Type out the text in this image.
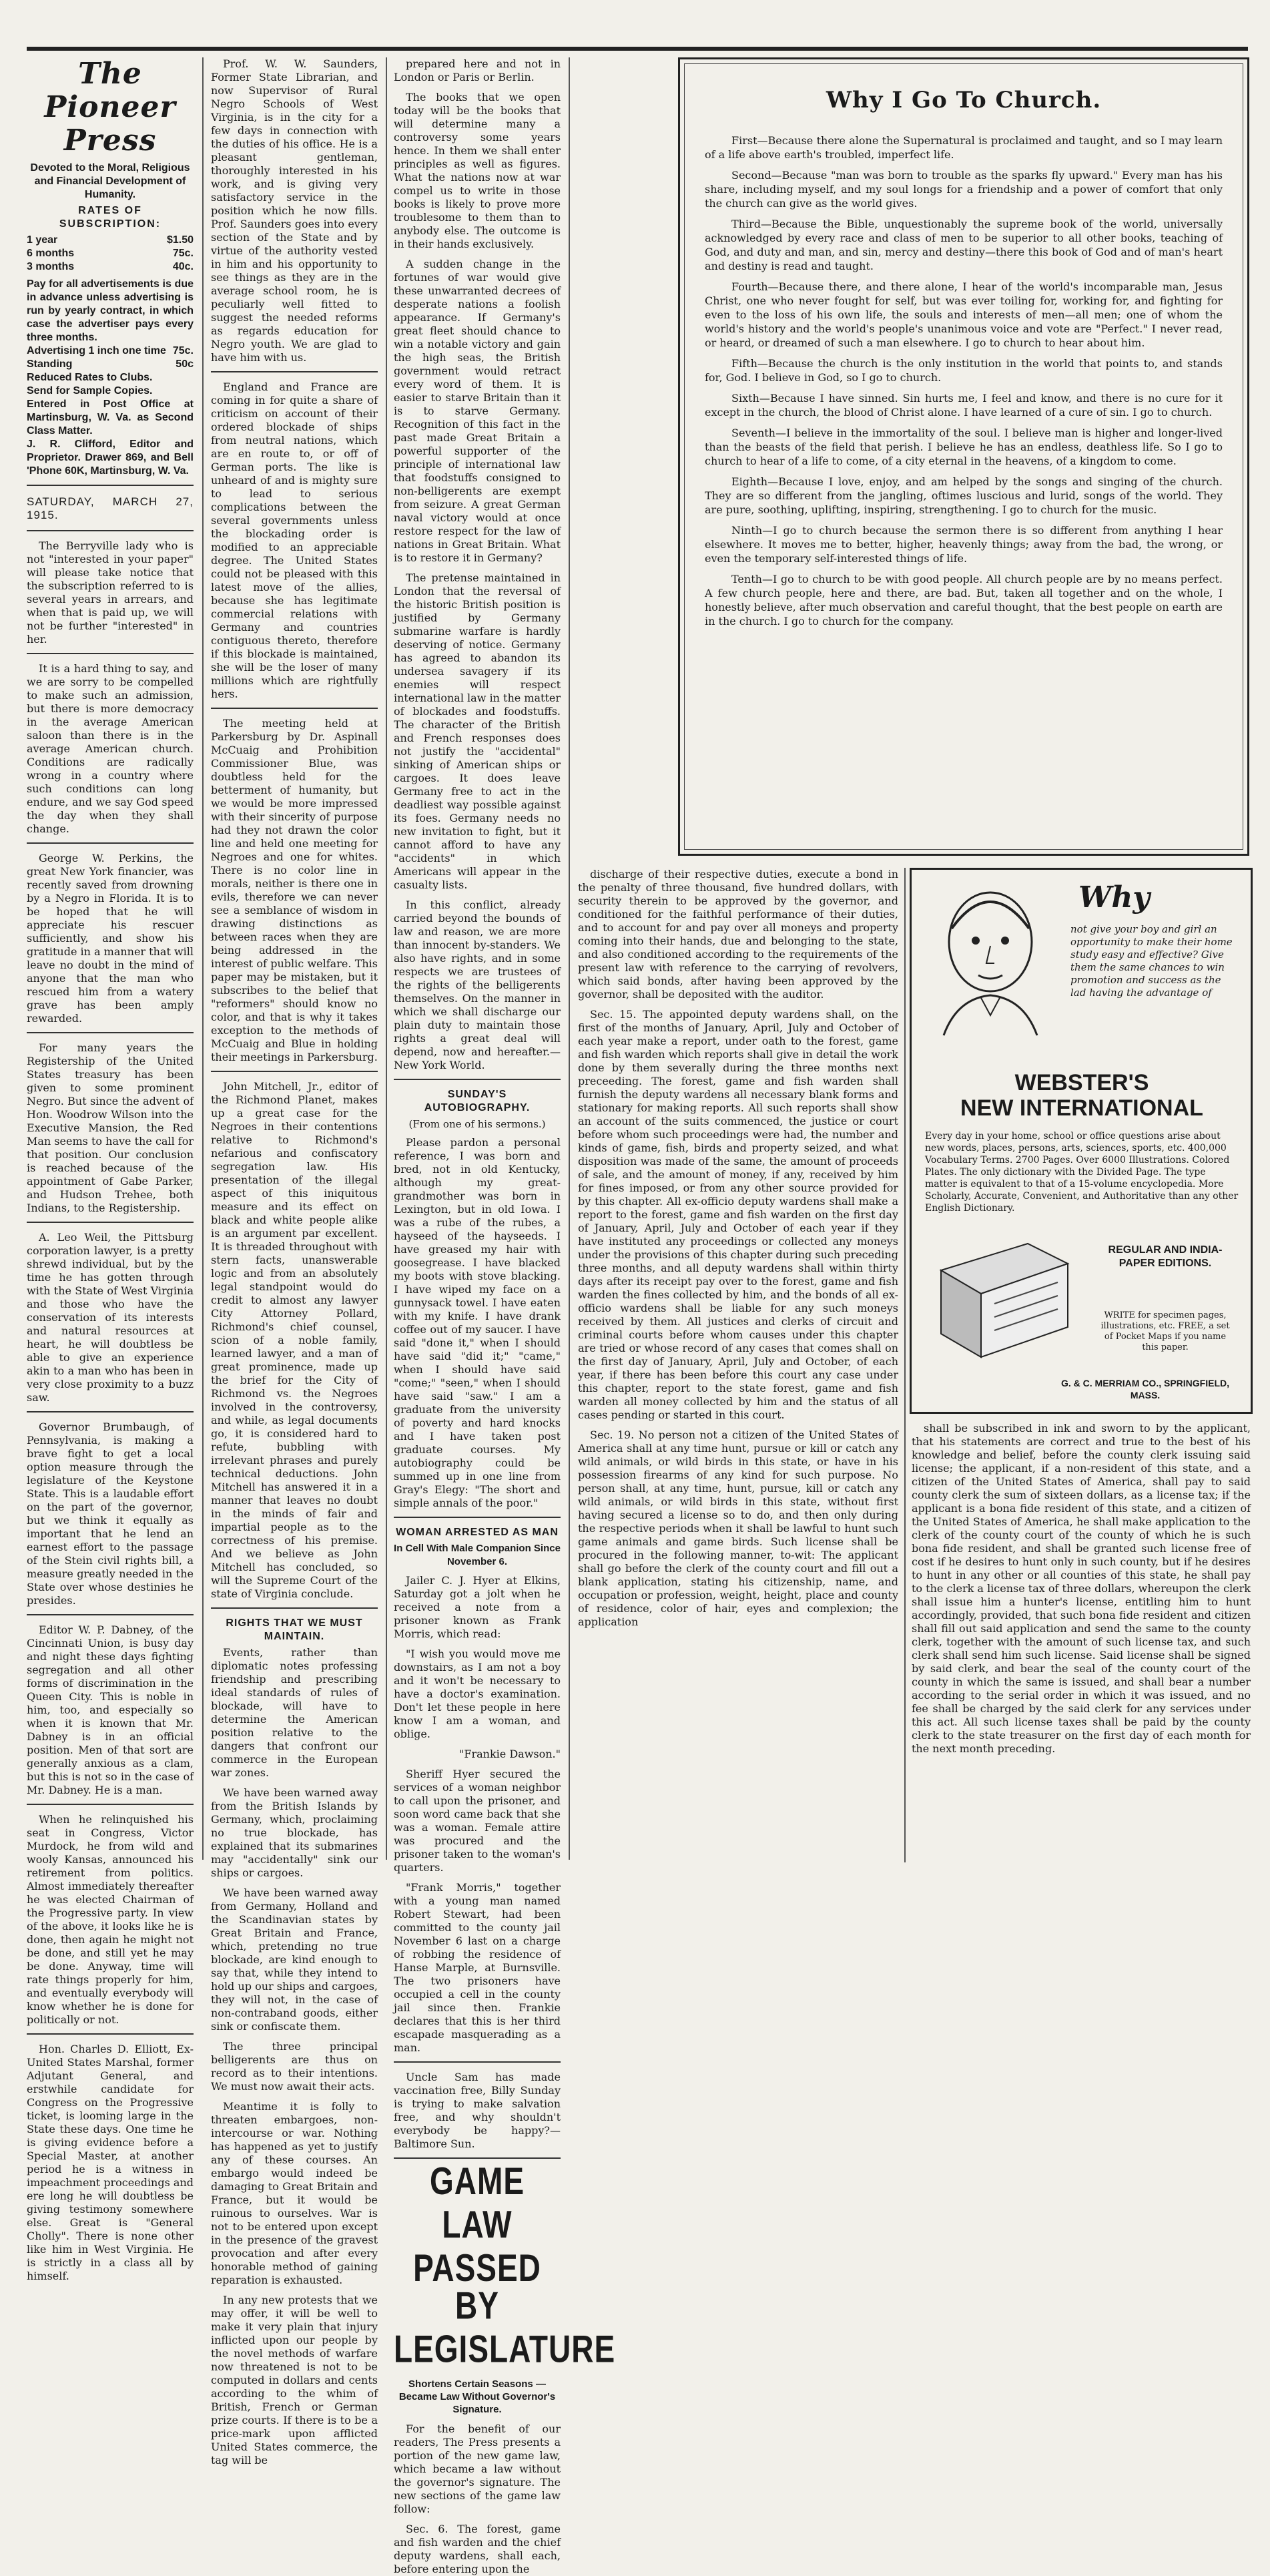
The Pioneer Press
Devoted to the Moral, Religious and Financial Development of Humanity.
RATES OF SUBSCRIPTION:
1 year	$1.50
6 months	75c.
3 months	40c.
Pay for all advertisements is due in advance unless advertising is run by yearly contract, in which case the advertiser pays every three months.
Advertising 1 inch one time 75c.
Standing	50c
Reduced Rates to Clubs.
Send for Sample Copies.
Entered in Post Office at Martinsburg, W. Va. as Second Class Matter.
J. R. Clifford, Editor and Proprietor. Drawer 869, and Bell 'Phone 60K, Martinsburg, W. Va.
SATURDAY, MARCH 27, 1915.

The Berryville lady who is not "interested in your paper" will please take notice that the subscription referred to is several years in arrears, and when that is paid up, we will not be further "interested" in her.

It is a hard thing to say, and we are sorry to be compelled to make such an admission, but there is more democracy in the average American saloon than there is in the average American church. Conditions are radically wrong in a country where such conditions can long endure, and we say God speed the day when they shall change.

George W. Perkins, the great New York financier, was recently saved from drowning by a Negro in Florida. It is to be hoped that he will appreciate his rescuer sufficiently, and show his gratitude in a manner that will leave no doubt in the mind of anyone that the man who rescued him from a watery grave has been amply rewarded.

For many years the Registership of the United States treasury has been given to some prominent Negro. But since the advent of Hon. Woodrow Wilson into the Executive Mansion, the Red Man seems to have the call for that position. Our conclusion is reached because of the appointment of Gabe Parker, and Hudson Trehee, both Indians, to the Registership.

A. Leo Weil, the Pittsburg corporation lawyer, is a pretty shrewd individual, but by the time he has gotten through with the State of West Virginia and those who have the conservation of its interests and natural resources at heart, he will doubtless be able to give an experience akin to a man who has been in very close proximity to a buzz saw.

Governor Brumbaugh, of Pennsylvania, is making a brave fight to get a local option measure through the legislature of the Keystone State. This is a laudable effort on the part of the governor, but we think it equally as important that he lend an earnest effort to the passage of the Stein civil rights bill, a measure greatly needed in the State over whose destinies he presides.

Editor W. P. Dabney, of the Cincinnati Union, is busy day and night these days fighting segregation and all other forms of discrimination in the Queen City. This is noble in him, too, and especially so when it is known that Mr. Dabney is in an official position. Men of that sort are generally anxious as a clam, but this is not so in the case of Mr. Dabney. He is a man.

When he relinquished his seat in Congress, Victor Murdock, he from wild and wooly Kansas, announced his retirement from politics. Almost immediately thereafter he was elected Chairman of the Progressive party. In view of the above, it looks like he is done, then again he might not be done, and still yet he may be done. Anyway, time will rate things properly for him, and eventually everybody will know whether he is done for politically or not.

Hon. Charles D. Elliott, Ex-United States Marshal, former Adjutant General, and erstwhile candidate for Congress on the Progressive ticket, is looming large in the State these days. One time he is giving evidence before a Special Master, at another period he is a witness in impeachment proceedings and ere long he will doubtless be giving testimony somewhere else. Great is "General Cholly". There is none other like him in West Virginia. He is strictly in a class all by himself.

Prof. W. W. Saunders, Former State Librarian, and now Supervisor of Rural Negro Schools of West Virginia, is in the city for a few days in connection with the duties of his office. He is a pleasant gentleman, thoroughly interested in his work, and is giving very satisfactory service in the position which he now fills. Prof. Saunders goes into every section of the State and by virtue of the authority vested in him and his opportunity to see things as they are in the average school room, he is peculiarly well fitted to suggest the needed reforms as regards education for Negro youth. We are glad to have him with us.

England and France are coming in for quite a share of criticism on account of their ordered blockade of ships from neutral nations, which are en route to, or off of German ports. The like is unheard of and is mighty sure to lead to serious complications between the several governments unless the blockading order is modified to an appreciable degree. The United States could not be pleased with this latest move of the allies, because she has legitimate commercial relations with Germany and countries contiguous thereto, therefore if this blockade is maintained, she will be the loser of many millions which are rightfully hers.

The meeting held at Parkersburg by Dr. Aspinall McCuaig and Prohibition Commissioner Blue, was doubtless held for the betterment of humanity, but we would be more impressed with their sincerity of purpose had they not drawn the color line and held one meeting for Negroes and one for whites. There is no color line in morals, neither is there one in evils, therefore we can never see a semblance of wisdom in drawing distinctions as between races when they are being addressed in the interest of public welfare. This paper may be mistaken, but it subscribes to the belief that "reformers" should know no color, and that is why it takes exception to the methods of McCuaig and Blue in holding their meetings in Parkersburg.

John Mitchell, Jr., editor of the Richmond Planet, makes up a great case for the Negroes in their contentions relative to Richmond's nefarious and confiscatory segregation law. His presentation of the illegal aspect of this iniquitous measure and its effect on black and white people alike is an argument par excellent. It is threaded throughout with stern facts, unanswerable logic and from an absolutely legal standpoint would do credit to almost any lawyer City Attorney Pollard, Richmond's chief counsel, scion of a noble family, learned lawyer, and a man of great prominence, made up the brief for the City of Richmond vs. the Negroes involved in the controversy, and while, as legal documents go, it is considered hard to refute, bubbling with irrelevant phrases and purely technical deductions. John Mitchell has answered it in a manner that leaves no doubt in the minds of fair and impartial people as to the correctness of his premise. And we believe as John Mitchell has concluded, so will the Supreme Court of the state of Virginia conclude.

RIGHTS THAT WE MUST MAINTAIN.

Events, rather than diplomatic notes professing friendship and prescribing ideal standards of rules of blockade, will have to determine the American position relative to the dangers that confront our commerce in the European war zones.

We have been warned away from the British Islands by Germany, which, proclaiming no true blockade, has explained that its submarines may "accidentally" sink our ships or cargoes.

We have been warned away from Germany, Holland and the Scandinavian states by Great Britain and France, which, pretending no true blockade, are kind enough to say that, while they intend to hold up our ships and cargoes, they will not, in the case of non-contraband goods, either sink or confiscate them.

The three principal belligerents are thus on record as to their intentions. We must now await their acts.

Meantime it is folly to threaten embargoes, non-intercourse or war. Nothing has happened as yet to justify any of these courses. An embargo would indeed be damaging to Great Britain and France, but it would be ruinous to ourselves. War is not to be entered upon except in the presence of the gravest provocation and after every honorable method of gaining reparation is exhausted.

In any new protests that we may offer, it will be well to make it very plain that injury inflicted upon our people by the novel methods of warfare now threatened is not to be computed in dollars and cents according to the whim of British, French or German prize courts. If there is to be a price-mark upon afflicted United States commerce, the tag will be

prepared here and not in London or Paris or Berlin.

The books that we open today will be the books that will determine many a controversy some years hence. In them we shall enter principles as well as figures. What the nations now at war compel us to write in those books is likely to prove more troublesome to them than to anybody else. The outcome is in their hands exclusively.

A sudden change in the fortunes of war would give these unwarranted decrees of desperate nations a foolish appearance. If Germany's great fleet should chance to win a notable victory and gain the high seas, the British government would retract every word of them. It is easier to starve Britain than it is to starve Germany. Recognition of this fact in the past made Great Britain a powerful supporter of the principle of international law that foodstuffs consigned to non-belligerents are exempt from seizure. A great German naval victory would at once restore respect for the law of nations in Great Britain. What is to restore it in Germany?

The pretense maintained in London that the reversal of the historic British position is justified by Germany submarine warfare is hardly deserving of notice. Germany has agreed to abandon its undersea savagery if its enemies will respect international law in the matter of blockades and foodstuffs. The character of the British and French responses does not justify the "accidental" sinking of American ships or cargoes. It does leave Germany free to act in the deadliest way possible against its foes. Germany needs no new invitation to fight, but it cannot afford to have any "accidents" in which Americans will appear in the casualty lists.

In this conflict, already carried beyond the bounds of law and reason, we are more than innocent by-standers. We also have rights, and in some respects we are trustees of the rights of the belligerents themselves. On the manner in which we shall discharge our plain duty to maintain those rights a great deal will depend, now and hereafter.—New York World.

SUNDAY'S AUTOBIOGRAPHY.
(From one of his sermons.)

Please pardon a personal reference, I was born and bred, not in old Kentucky, although my great-grandmother was born in Lexington, but in old Iowa. I was a rube of the rubes, a hayseed of the hayseeds. I have greased my hair with goosegrease. I have blacked my boots with stove blacking. I have wiped my face on a gunnysack towel. I have eaten with my knife. I have drank coffee out of my saucer. I have said "done it," when I should have said "did it;" "came," when I should have said "come;" "seen," when I should have said "saw." I am a graduate from the university of poverty and hard knocks and I have taken post graduate courses. My autobiography could be summed up in one line from Gray's Elegy: "The short and simple annals of the poor."

WOMAN ARRESTED AS MAN
In Cell With Male Companion Since November 6.

Jailer C. J. Hyer at Elkins, Saturday got a jolt when he received a note from a prisoner known as Frank Morris, which read:

"I wish you would move me downstairs, as I am not a boy and it won't be necessary to have a doctor's examination. Don't let these people in here know I am a woman, and oblige.

"Frankie Dawson."

Sheriff Hyer secured the services of a woman neighbor to call upon the prisoner, and soon word came back that she was a woman. Female attire was procured and the prisoner taken to the woman's quarters.

"Frank Morris," together with a young man named Robert Stewart, had been committed to the county jail November 6 last on a charge of robbing the residence of Hanse Marple, at Burnsville. The two prisoners have occupied a cell in the county jail since then. Frankie declares that this is her third escapade masquerading as a man.

Uncle Sam has made vaccination free, Billy Sunday is trying to make salvation free, and why shouldn't everybody be happy?—Baltimore Sun.

GAME LAW PASSED
BY LEGISLATURE
Shortens Certain Seasons — Became Law Without Governor's Signature.

For the benefit of our readers, The Press presents a portion of the new game law, which became a law without the governor's signature. The new sections of the game law follow:

Sec. 6. The forest, game and fish warden and the chief deputy wardens, shall each, before entering upon the

Why I Go To Church.

First—Because there alone the Supernatural is proclaimed and taught, and so I may learn of a life above earth's troubled, imperfect life.

Second—Because "man was born to trouble as the sparks fly upward." Every man has his share, including myself, and my soul longs for a friendship and a power of comfort that only the church can give as the world gives.

Third—Because the Bible, unquestionably the supreme book of the world, universally acknowledged by every race and class of men to be superior to all other books, teaching of God, and duty and man, and sin, mercy and destiny—there this book of God and of man's heart and destiny is read and taught.

Fourth—Because there, and there alone, I hear of the world's incomparable man, Jesus Christ, one who never fought for self, but was ever toiling for, working for, and fighting for even to the loss of his own life, the souls and interests of men—all men; one of whom the world's history and the world's people's unanimous voice and vote are "Perfect." I never read, or heard, or dreamed of such a man elsewhere. I go to church to hear about him.

Fifth—Because the church is the only institution in the world that points to, and stands for, God. I believe in God, so I go to church.

Sixth—Because I have sinned. Sin hurts me, I feel and know, and there is no cure for it except in the church, the blood of Christ alone. I have learned of a cure of sin. I go to church.

Seventh—I believe in the immortality of the soul. I believe man is higher and longer-lived than the beasts of the field that perish. I believe he has an endless, deathless life. So I go to church to hear of a life to come, of a city eternal in the heavens, of a kingdom to come.

Eighth—Because I love, enjoy, and am helped by the songs and singing of the church. They are so different from the jangling, oftimes luscious and lurid, songs of the world. They are pure, soothing, uplifting, inspiring, strengthening. I go to church for the music.

Ninth—I go to church because the sermon there is so different from anything I hear elsewhere. It moves me to better, higher, heavenly things; away from the bad, the wrong, or even the temporary self-interested things of life.

Tenth—I go to church to be with good people. All church people are by no means perfect. A few church people, here and there, are bad. But, taken all together and on the whole, I honestly believe, after much observation and careful thought, that the best people on earth are in the church. I go to church for the company.

discharge of their respective duties, execute a bond in the penalty of three thousand, five hundred dollars, with security therein to be approved by the governor, and conditioned for the faithful performance of their duties, and to account for and pay over all moneys and property coming into their hands, due and belonging to the state, and also conditioned according to the requirements of the present law with reference to the carrying of revolvers, which said bonds, after having been approved by the governor, shall be deposited with the auditor.

Sec. 15. The appointed deputy wardens shall, on the first of the months of January, April, July and October of each year make a report, under oath to the forest, game and fish warden which reports shall give in detail the work done by them severally during the three months next preceeding. The forest, game and fish warden shall furnish the deputy wardens all necessary blank forms and stationary for making reports. All such reports shall show an account of the suits commenced, the justice or court before whom such proceedings were had, the number and kinds of game, fish, birds and property seized, and what disposition was made of the same, the amount of proceeds of sale, and the amount of money, if any, received by him for fines imposed, or from any other source provided for by this chapter. All ex-officio deputy wardens shall make a report to the forest, game and fish warden on the first day of January, April, July and October of each year if they have instituted any proceedings or collected any moneys under the provisions of this chapter during such preceding three months, and all deputy wardens shall within thirty days after its receipt pay over to the forest, game and fish warden the fines collected by him, and the bonds of all ex-officio wardens shall be liable for any such moneys received by them. All justices and clerks of circuit and criminal courts before whom causes under this chapter are tried or whose record of any cases that comes shall on the first day of January, April, July and October, of each year, if there has been before this court any case under this chapter, report to the state forest, game and fish warden all money collected by him and the status of all cases pending or started in this court.

Sec. 19. No person not a citizen of the United States of America shall at any time hunt, pursue or kill or catch any wild animals, or wild birds in this state, or have in his possession firearms of any kind for such purpose. No person shall, at any time, hunt, pursue, kill or catch any wild animals, or wild birds in this state, without first having secured a license so to do, and then only during the respective periods when it shall be lawful to hunt such game animals and game birds. Such license shall be procured in the following manner, to-wit: The applicant shall go before the clerk of the county court and fill out a blank application, stating his citizenship, name, and occupation or profession, weight, height, place and county of residence, color of hair, eyes and complexion; the application

Why
not give your boy and girl an opportunity to make their home study easy and effective? Give them the same chances to win promotion and success as the lad having the advantage of
WEBSTER'S
NEW INTERNATIONAL
Every day in your home, school or office questions arise about new words, places, persons, arts, sciences, sports, etc. 400,000 Vocabulary Terms. 2700 Pages. Over 6000 Illustrations. Colored Plates. The only dictionary with the Divided Page. The type matter is equivalent to that of a 15-volume encyclopedia. More Scholarly, Accurate, Convenient, and Authoritative than any other English Dictionary.
REGULAR AND INDIA-PAPER EDITIONS.
WRITE for specimen pages, illustrations, etc. FREE, a set of Pocket Maps if you name this paper.
G. & C. MERRIAM CO., SPRINGFIELD, MASS.

shall be subscribed in ink and sworn to by the applicant, that his statements are correct and true to the best of his knowledge and belief, before the county clerk issuing said license; the applicant, if a non-resident of this state, and a citizen of the United States of America, shall pay to said county clerk the sum of sixteen dollars, as a license tax; if the applicant is a bona fide resident of this state, and a citizen of the United States of America, he shall make application to the clerk of the county court of the county of which he is such bona fide resident, and shall be granted such license free of cost if he desires to hunt only in such county, but if he desires to hunt in any other or all counties of this state, he shall pay to the clerk a license tax of three dollars, whereupon the clerk shall issue him a hunter's license, entitling him to hunt accordingly, provided, that such bona fide resident and citizen shall fill out said application and send the same to the county clerk, together with the amount of such license tax, and such clerk shall send him such license. Said license shall be signed by said clerk, and bear the seal of the county court of the county in which the same is issued, and shall bear a number according to the serial order in which it was issued, and no fee shall be charged by the said clerk for any services under this act. All such license taxes shall be paid by the county clerk to the state treasurer on the first day of each month for the next month preceding.
